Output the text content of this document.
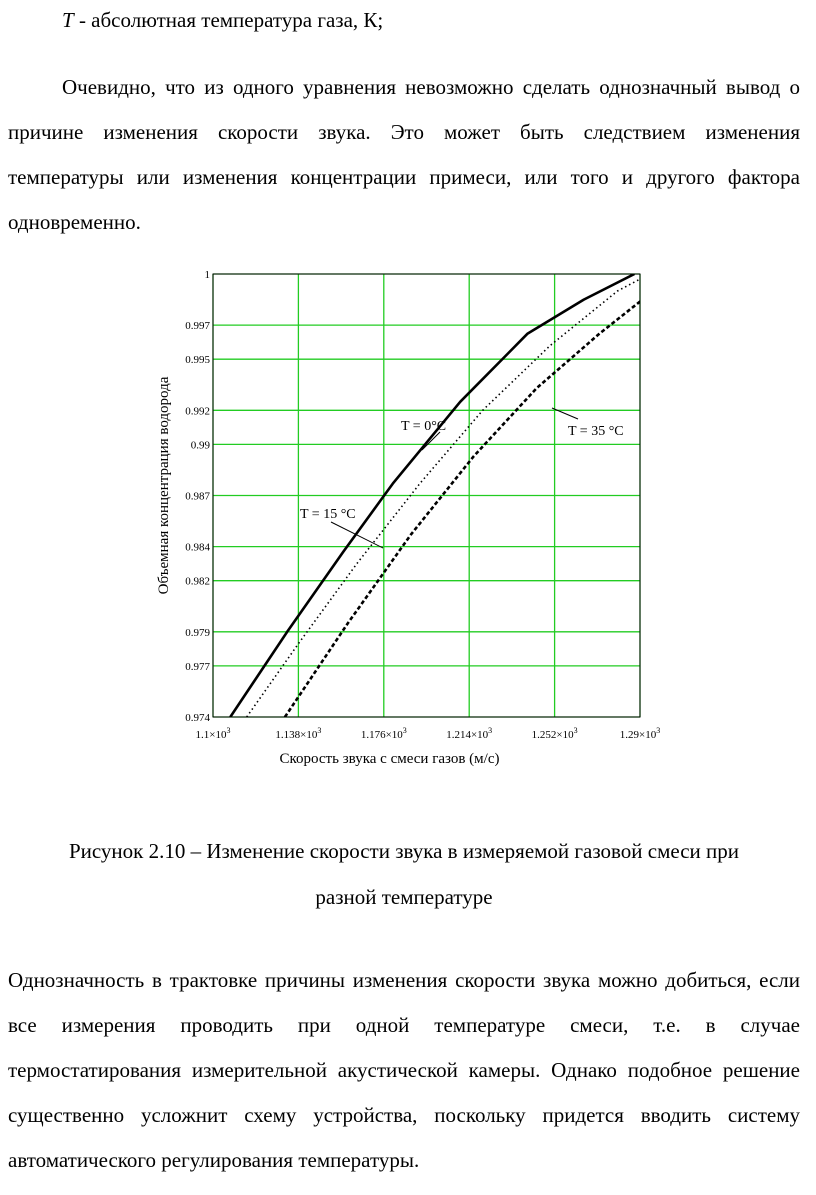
T - абсолютная температура газа, К;
Очевидно, что из одного уравнения невозможно сделать однозначный вывод о причине изменения скорости звука. Это может быть следствием изменения температуры или изменения концентрации примеси, или того и другого фактора одновременно.
0.974
0.977
0.979
0.982
0.984
0.987
0.99
0.992
0.995
0.997
1
$1.1\times 10^3$	$1.138\times 10^3$	$1.176\times 10^3$	$1.214\times 10^3$	$1.252\times 10^3$	$1.29\times 10^3$
T = 0°C
T = 15 °C
T = 35 °C
Объемная концентрация водорода
Скорость звука с смеси газов (м/с)
Рисунок 2.10 – Изменение скорости звука в измеряемой газовой смеси при
разной температуре
Однозначность в трактовке причины изменения скорости звука можно добиться, если все измерения проводить при одной температуре смеси, т.е. в случае термостатирования измерительной акустической камеры. Однако подобное решение существенно усложнит схему устройства, поскольку придется вводить систему автоматического регулирования температуры.
